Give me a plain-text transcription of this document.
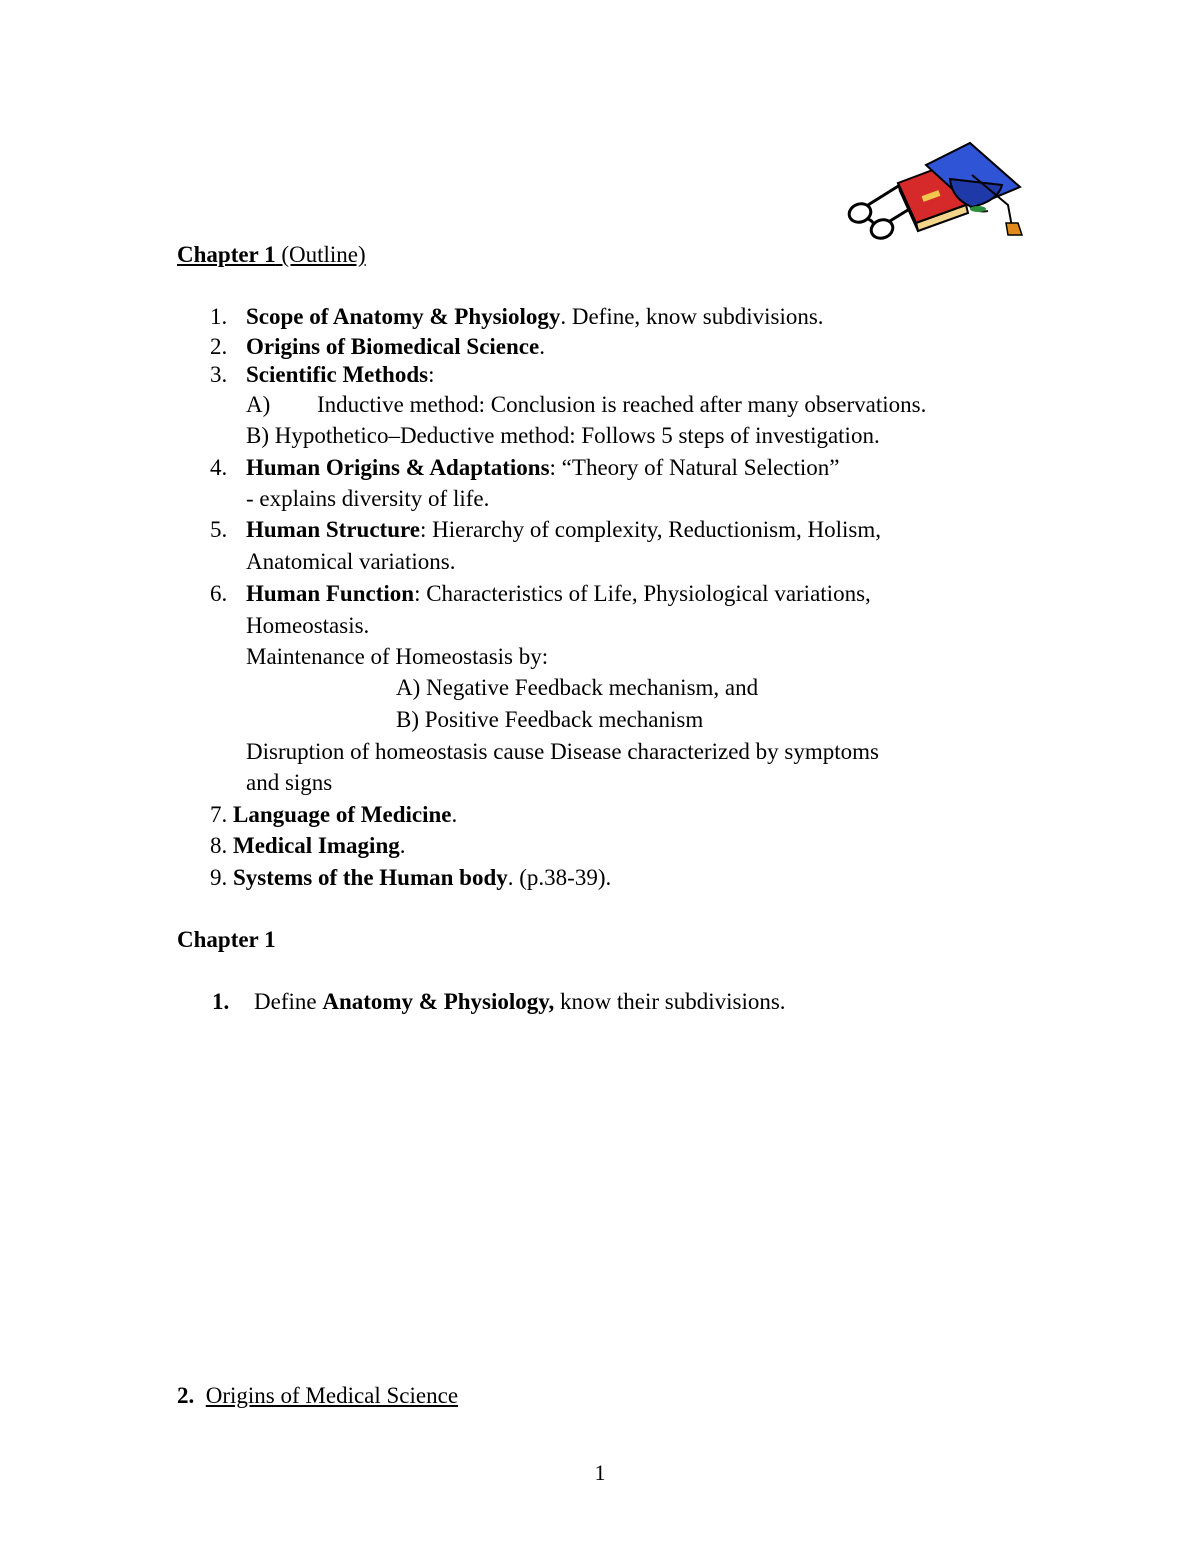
Chapter 1 (Outline)
1. Scope of Anatomy & Physiology. Define, know subdivisions.
2. Origins of Biomedical Science.
3. Scientific Methods:
A) Inductive method: Conclusion is reached after many observations.
B) Hypothetico–Deductive method: Follows 5 steps of investigation.
4. Human Origins & Adaptations: “Theory of Natural Selection”
- explains diversity of life.
5. Human Structure: Hierarchy of complexity, Reductionism, Holism,
Anatomical variations.
6. Human Function: Characteristics of Life, Physiological variations,
Homeostasis.
Maintenance of Homeostasis by:
A) Negative Feedback mechanism, and
B) Positive Feedback mechanism
Disruption of homeostasis cause Disease characterized by symptoms
and signs
7. Language of Medicine.
8. Medical Imaging.
9. Systems of the Human body. (p.38-39).
Chapter 1
1. Define Anatomy & Physiology, know their subdivisions.
2. Origins of Medical Science
1
